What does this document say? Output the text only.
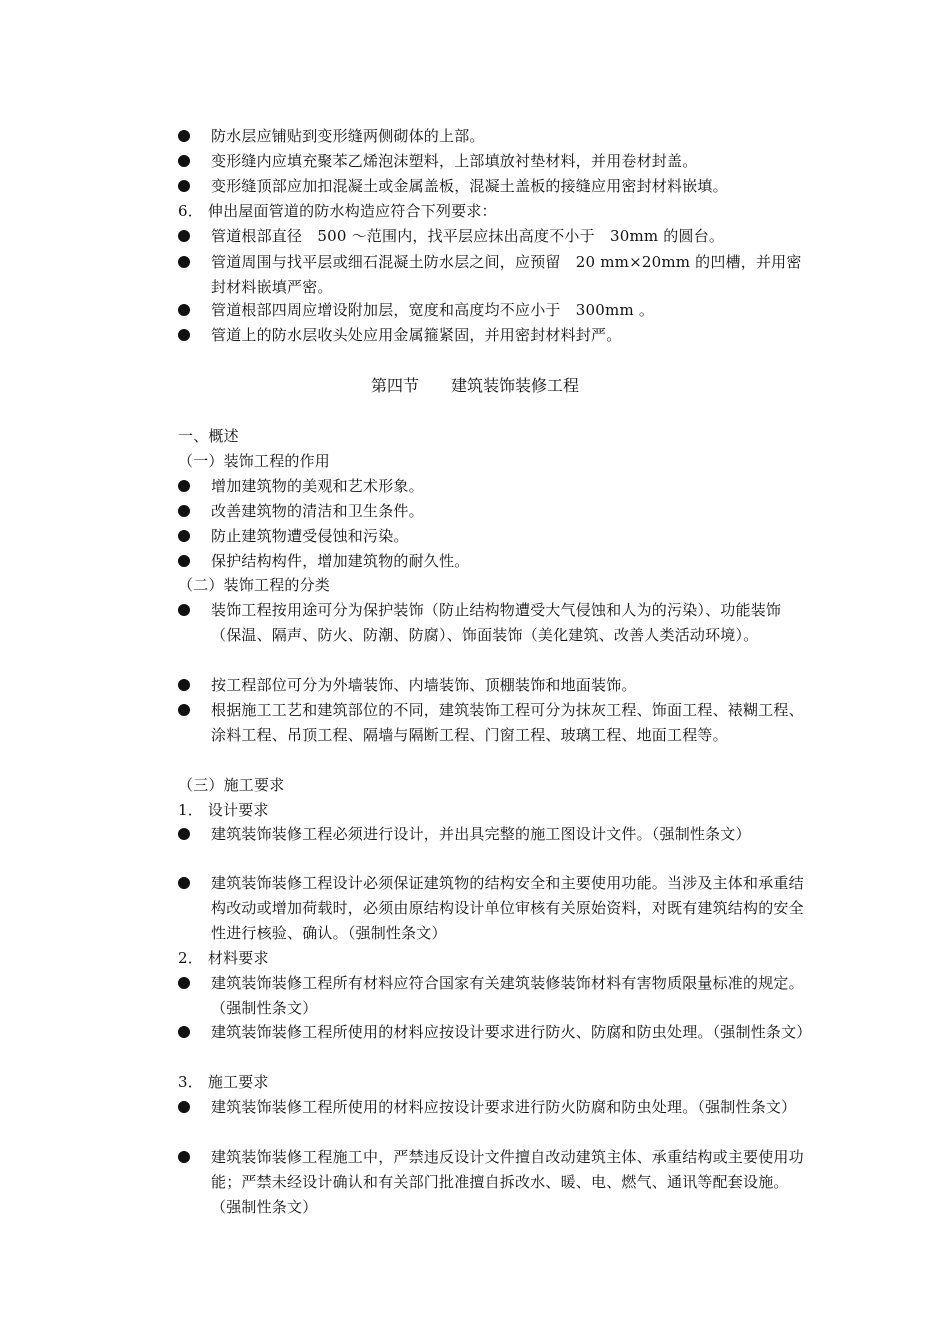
防水层应铺贴到变形缝两侧砌体的上部。
变形缝内应填充聚苯乙烯泡沫塑料，上部填放衬垫材料，并用卷材封盖。
变形缝顶部应加扣混凝土或金属盖板，混凝土盖板的接缝应用密封材料嵌填。
6． 伸出屋面管道的防水构造应符合下列要求：
管道根部直径　500 ～范围内，找平层应抹出高度不小于　30mm 的圆台。
管道周围与找平层或细石混凝土防水层之间，应预留　20 mm×20mm 的凹槽，并用密封材料嵌填严密。
管道根部四周应增设附加层，宽度和高度均不应小于　300mm 。
管道上的防水层收头处应用金属箍紧固，并用密封材料封严。
第四节　　建筑装饰装修工程
一、概述
（一）装饰工程的作用
增加建筑物的美观和艺术形象。
改善建筑物的清洁和卫生条件。
防止建筑物遭受侵蚀和污染。
保护结构构件，增加建筑物的耐久性。
（二）装饰工程的分类
装饰工程按用途可分为保护装饰（防止结构物遭受大气侵蚀和人为的污染）、功能装饰（保温、隔声、防火、防潮、防腐）、饰面装饰（美化建筑、改善人类活动环境）。
按工程部位可分为外墙装饰、内墙装饰、顶棚装饰和地面装饰。
根据施工工艺和建筑部位的不同，建筑装饰工程可分为抹灰工程、饰面工程、裱糊工程、涂料工程、吊顶工程、隔墙与隔断工程、门窗工程、玻璃工程、地面工程等。
（三）施工要求
1． 设计要求
建筑装饰装修工程必须进行设计，并出具完整的施工图设计文件。（强制性条文）
建筑装饰装修工程设计必须保证建筑物的结构安全和主要使用功能。当涉及主体和承重结构改动或增加荷载时，必须由原结构设计单位审核有关原始资料，对既有建筑结构的安全性进行核验、确认。（强制性条文）
2． 材料要求
建筑装饰装修工程所有材料应符合国家有关建筑装修装饰材料有害物质限量标准的规定。（强制性条文）
建筑装饰装修工程所使用的材料应按设计要求进行防火、防腐和防虫处理。（强制性条文）
3． 施工要求
建筑装饰装修工程所使用的材料应按设计要求进行防火防腐和防虫处理。（强制性条文）
建筑装饰装修工程施工中，严禁违反设计文件擅自改动建筑主体、承重结构或主要使用功能；严禁未经设计确认和有关部门批准擅自拆改水、暖、电、燃气、通讯等配套设施。（强制性条文）
